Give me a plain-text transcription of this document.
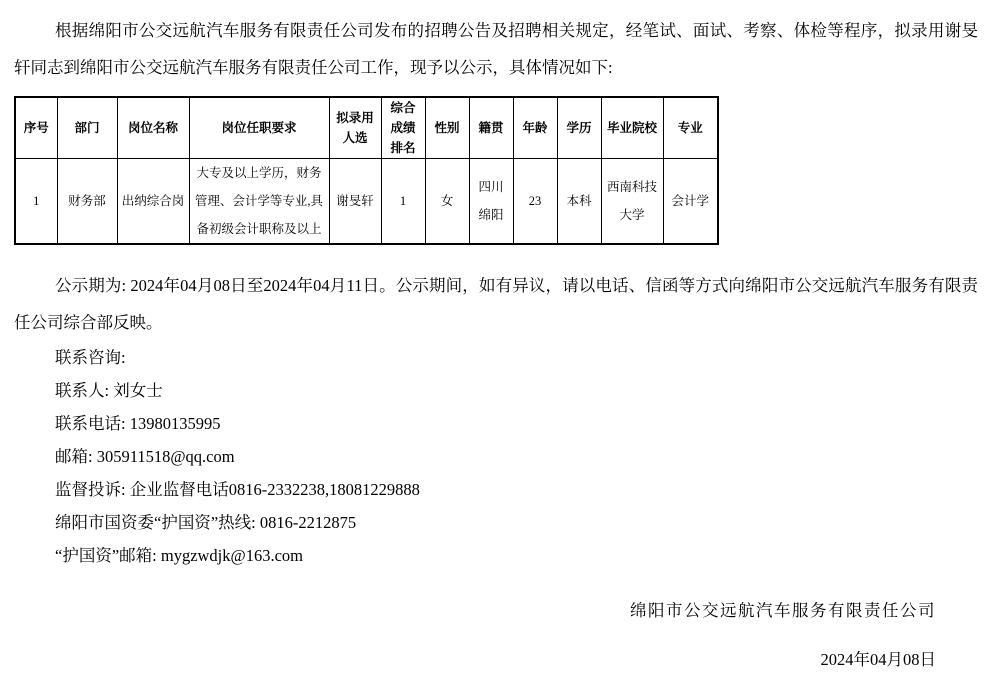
根据绵阳市公交远航汽车服务有限责任公司发布的招聘公告及招聘相关规定，经笔试、面试、考察、体检等程序，拟录用谢旻轩同志到绵阳市公交远航汽车服务有限责任公司工作，现予以公示，具体情况如下:

序号	部门	岗位名称	岗位任职要求	拟录用人选	综合成绩排名	性别	籍贯	年龄	学历	毕业院校	专业
1	财务部	出纳综合岗	大专及以上学历，财务管理、会计学等专业,具备初级会计职称及以上	谢旻轩	1	女	四川绵阳	23	本科	西南科技大学	会计学

公示期为: 2024年04月08日至2024年04月11日。公示期间，如有异议，请以电话、信函等方式向绵阳市公交远航汽车服务有限责任公司综合部反映。

联系咨询:

联系人: 刘女士

联系电话: 13980135995

邮箱: 305911518@qq.com

监督投诉: 企业监督电话0816-2332238,18081229888

绵阳市国资委“护国资”热线: 0816-2212875

“护国资”邮箱: mygzwdjk@163.com

绵阳市公交远航汽车服务有限责任公司

2024年04月08日
